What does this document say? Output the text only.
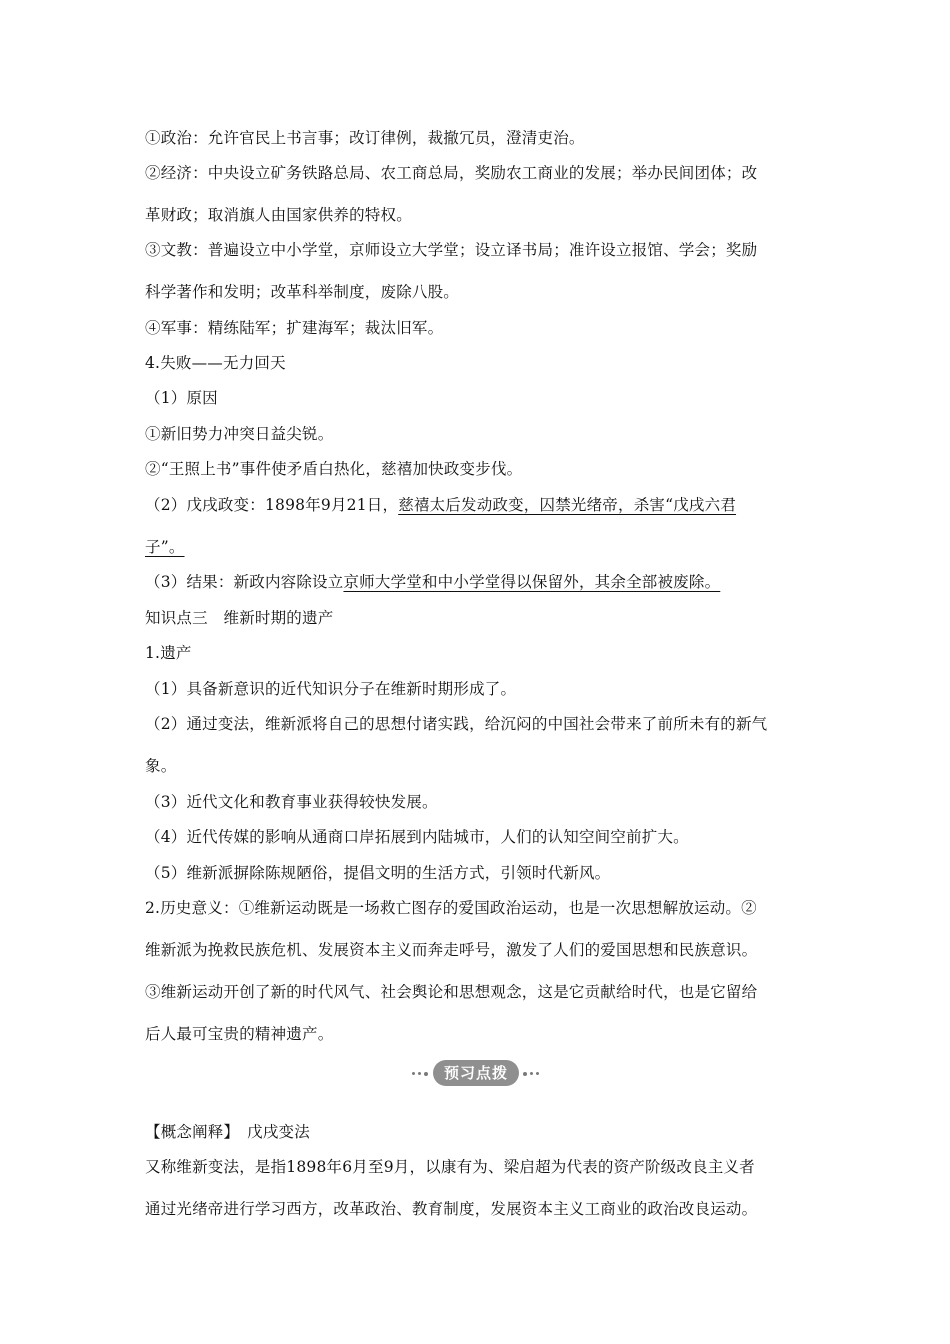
①政治：允许官民上书言事；改订律例，裁撤冗员，澄清吏治。
②经济：中央设立矿务铁路总局、农工商总局，奖励农工商业的发展；举办民间团体；改
革财政；取消旗人由国家供养的特权。
③文教：普遍设立中小学堂，京师设立大学堂；设立译书局；准许设立报馆、学会；奖励
科学著作和发明；改革科举制度，废除八股。
④军事：精练陆军；扩建海军；裁汰旧军。
4.失败——无力回天
（1）原因
①新旧势力冲突日益尖锐。
②“王照上书”事件使矛盾白热化，慈禧加快政变步伐。
（2）戊戌政变：1898年9月21日，慈禧太后发动政变，囚禁光绪帝，杀害“戊戌六君
子”。
（3）结果：新政内容除设立京师大学堂和中小学堂得以保留外，其余全部被废除。
知识点三　维新时期的遗产
1.遗产
（1）具备新意识的近代知识分子在维新时期形成了。
（2）通过变法，维新派将自己的思想付诸实践，给沉闷的中国社会带来了前所未有的新气
象。
（3）近代文化和教育事业获得较快发展。
（4）近代传媒的影响从通商口岸拓展到内陆城市，人们的认知空间空前扩大。
（5）维新派摒除陈规陋俗，提倡文明的生活方式，引领时代新风。
2.历史意义：①维新运动既是一场救亡图存的爱国政治运动，也是一次思想解放运动。②
维新派为挽救民族危机、发展资本主义而奔走呼号，激发了人们的爱国思想和民族意识。
③维新运动开创了新的时代风气、社会舆论和思想观念，这是它贡献给时代，也是它留给
后人最可宝贵的精神遗产。
预习点拨
【概念阐释】　戊戌变法
又称维新变法，是指1898年6月至9月，以康有为、梁启超为代表的资产阶级改良主义者
通过光绪帝进行学习西方，改革政治、教育制度，发展资本主义工商业的政治改良运动。
